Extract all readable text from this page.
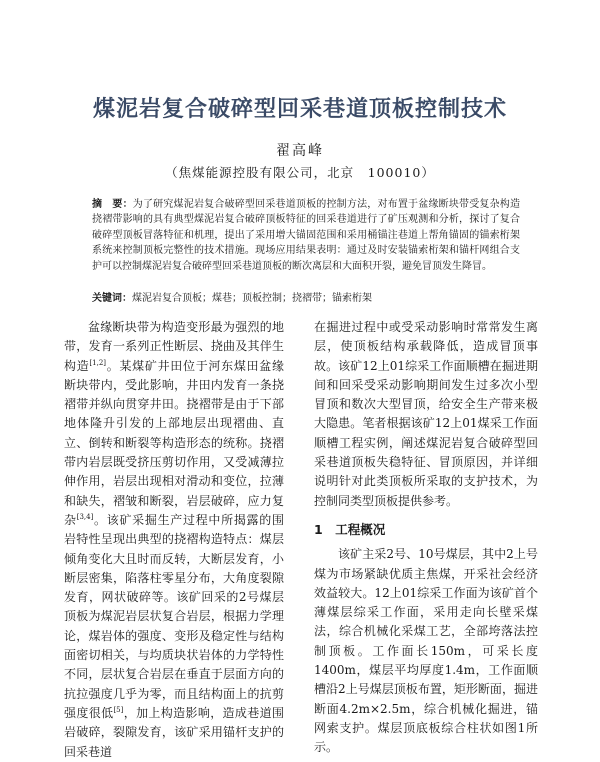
煤泥岩复合破碎型回采巷道顶板控制技术
翟高峰
（焦煤能源控股有限公司，北京　100010）
摘　要：为了研究煤泥岩复合破碎型回采巷道顶板的控制方法，对布置于盆缘断块带受复杂构造挠褶带影响的具有典型煤泥岩复合破碎顶板特征的回采巷道进行了矿压观测和分析，探讨了复合破碎型顶板冒落特征和机理，提出了采用增大锚固范围和采用桶锚注巷道上帮角锚固的锚索桁架系统来控制顶板完整性的技术措施。现场应用结果表明：通过及时安装锚索桁架和锚杆网组合支护可以控制煤泥岩复合破碎型回采巷道顶板的断次离层和大面积开裂，避免冒顶发生降冒。
关键词：煤泥岩复合顶板；煤巷；顶板控制；挠褶带；锚索桁架

盆缘断块带为构造变形最为强烈的地带，发育一系列正性断层、挠曲及其伴生构造[1,2]。某煤矿井田位于河东煤田盆缘断块带内，受此影响，井田内发育一条挠褶带并纵向贯穿井田。挠褶带是由于下部地体隆升引发的上部地层出现褶曲、直立、倒转和断裂等构造形态的统称。挠褶带内岩层既受挤压剪切作用，又受减薄拉伸作用，岩层出现相对滑动和变位，拉薄和缺失，褶皱和断裂，岩层破碎，应力复杂[3,4]。该矿采掘生产过程中所揭露的围岩特性呈现出典型的挠褶构造特点：煤层倾角变化大且时而反转，大断层发育，小断层密集，陷落柱零星分布，大角度裂隙发育，网状破碎等。该矿回采的2号煤层顶板为煤泥岩层状复合岩层，根据力学理论，煤岩体的强度、变形及稳定性与结构面密切相关，与均质块状岩体的力学特性不同，层状复合岩层在垂直于层面方向的抗拉强度几乎为零，而且结构面上的抗剪强度很低[5]，加上构造影响，造成巷道围岩破碎，裂隙发育，该矿采用锚杆支护的回采巷道

在掘进过程中或受采动影响时常常发生离层，使顶板结构承载降低，造成冒顶事故。该矿12上01综采工作面顺槽在掘进期间和回采受采动影响期间发生过多次小型冒顶和数次大型冒顶，给安全生产带来极大隐患。笔者根据该矿12上01煤采工作面顺槽工程实例，阐述煤泥岩复合破碎型回采巷道顶板失稳特征、冒顶原因，并详细说明针对此类顶板所采取的支护技术，为控制同类型顶板提供参考。

1　工程概况

该矿主采2号、10号煤层，其中2上号煤为市场紧缺优质主焦煤，开采社会经济效益较大。12上01综采工作面为该矿首个薄煤层综采工作面，采用走向长壁采煤法，综合机械化采煤工艺，全部垮落法控制顶板。工作面长150m，可采长度1400m，煤层平均厚度1.4m，工作面顺槽沿2上号煤层顶板布置，矩形断面，掘进断面4.2m×2.5m，综合机械化掘进，锚网索支护。煤层顶底板综合柱状如图1所示。
